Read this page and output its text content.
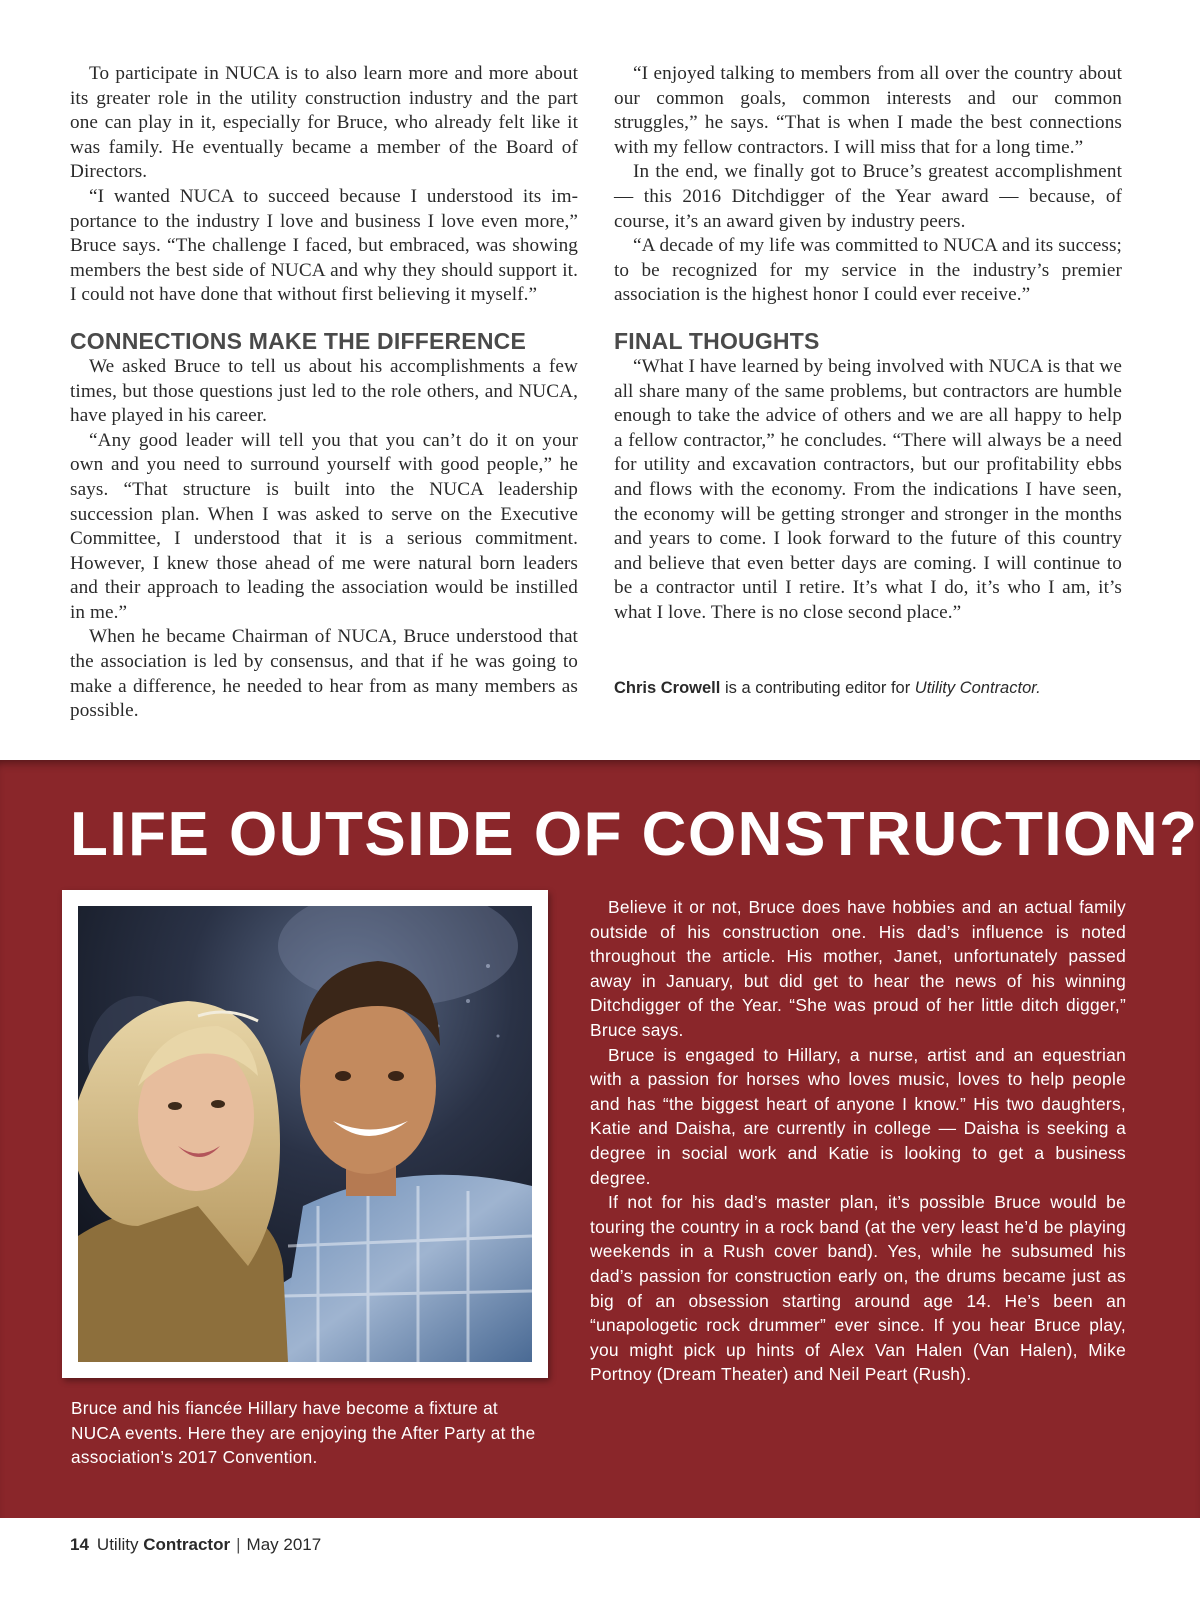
To participate in NUCA is to also learn more and more about its greater role in the utility construction industry and the part one can play in it, especially for Bruce, who already felt like it was family. He eventually became a member of the Board of Directors.

“I wanted NUCA to succeed because I understood its importance to the industry I love and business I love even more,” Bruce says. “The challenge I faced, but embraced, was showing members the best side of NUCA and why they should support it. I could not have done that without first believing it myself.”

CONNECTIONS MAKE THE DIFFERENCE

We asked Bruce to tell us about his accomplishments a few times, but those questions just led to the role others, and NUCA, have played in his career.

“Any good leader will tell you that you can’t do it on your own and you need to surround yourself with good people,” he says. “That structure is built into the NUCA leadership succession plan. When I was asked to serve on the Executive Committee, I understood that it is a serious commitment. However, I knew those ahead of me were natural born leaders and their approach to leading the association would be instilled in me.”

When he became Chairman of NUCA, Bruce understood that the association is led by consensus, and that if he was going to make a difference, he needed to hear from as many members as possible.

“I enjoyed talking to members from all over the country about our common goals, common interests and our common struggles,” he says. “That is when I made the best connections with my fellow contractors. I will miss that for a long time.”

In the end, we finally got to Bruce’s greatest accomplishment — this 2016 Ditchdigger of the Year award — because, of course, it’s an award given by industry peers.

“A decade of my life was committed to NUCA and its success; to be recognized for my service in the industry’s premier association is the highest honor I could ever receive.”

FINAL THOUGHTS

“What I have learned by being involved with NUCA is that we all share many of the same problems, but contractors are humble enough to take the advice of others and we are all happy to help a fellow contractor,” he concludes. “There will always be a need for utility and excavation contractors, but our profitability ebbs and flows with the economy. From the indications I have seen, the economy will be getting stronger and stronger in the months and years to come. I look forward to the future of this country and believe that even better days are coming. I will continue to be a contractor until I retire. It’s what I do, it’s who I am, it’s what I love. There is no close second place.”

Chris Crowell is a contributing editor for Utility Contractor.
LIFE OUTSIDE OF CONSTRUCTION?

Bruce and his fiancée Hillary have become a fixture at NUCA events. Here they are enjoying the After Party at the association’s 2017 Convention.

Believe it or not, Bruce does have hobbies and an actual family outside of his construction one. His dad’s influence is noted throughout the article. His mother, Janet, unfortunately passed away in January, but did get to hear the news of his winning Ditchdigger of the Year. “She was proud of her little ditch digger,” Bruce says.

Bruce is engaged to Hillary, a nurse, artist and an equestrian with a passion for horses who loves music, loves to help people and has “the biggest heart of anyone I know.” His two daughters, Katie and Daisha, are currently in college — Daisha is seeking a degree in social work and Katie is looking to get a business degree.

If not for his dad’s master plan, it’s possible Bruce would be touring the country in a rock band (at the very least he’d be playing weekends in a Rush cover band). Yes, while he subsumed his dad’s passion for construction early on, the drums became just as big of an obsession starting around age 14. He’s been an “unapologetic rock drummer” ever since. If you hear Bruce play, you might pick up hints of Alex Van Halen (Van Halen), Mike Portnoy (Dream Theater) and Neil Peart (Rush).

14 Utility Contractor | May 2017
